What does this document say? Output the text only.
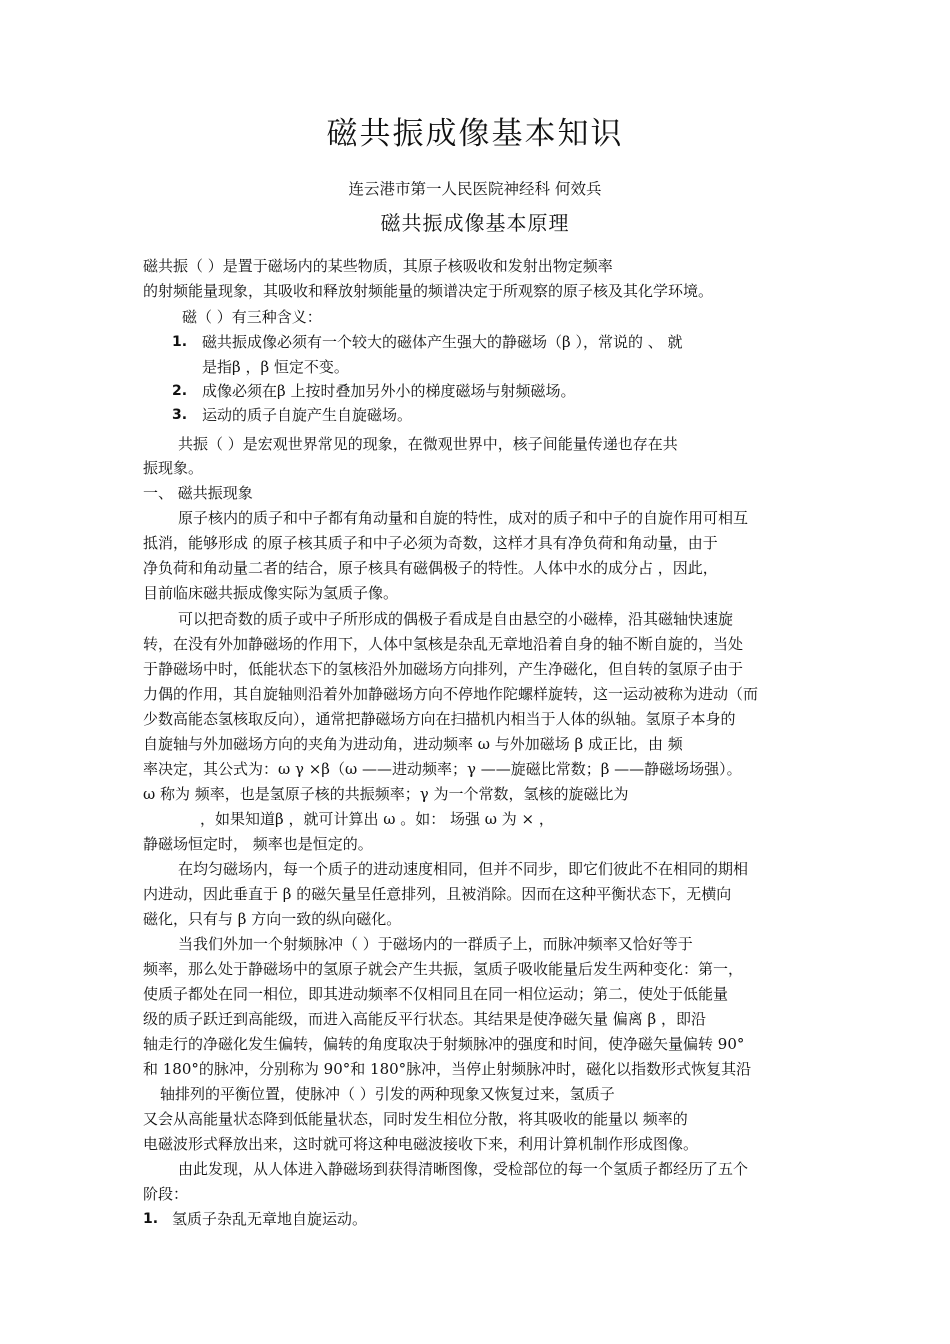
磁共振成像基本知识
连云港市第一人民医院神经科 何效兵
磁共振成像基本原理
磁共振（ ）是置于磁场内的某些物质，其原子核吸收和发射出物定频率
的射频能量现象，其吸收和释放射频能量的频谱决定于所观察的原子核及其化学环境。
磁（ ）有三种含义：
1. 磁共振成像必须有一个较大的磁体产生强大的静磁场（β ），常说的 、 就
是指β ，β 恒定不变。
2. 成像必须在β 上按时叠加另外小的梯度磁场与射频磁场。
3. 运动的质子自旋产生自旋磁场。
共振（ ）是宏观世界常见的现象，在微观世界中，核子间能量传递也存在共
振现象。
一、 磁共振现象
原子核内的质子和中子都有角动量和自旋的特性，成对的质子和中子的自旋作用可相互
抵消，能够形成 的原子核其质子和中子必须为奇数，这样才具有净负荷和角动量，由于
净负荷和角动量二者的结合，原子核具有磁偶极子的特性。人体中水的成分占 ，因此，
目前临床磁共振成像实际为氢质子像。
可以把奇数的质子或中子所形成的偶极子看成是自由悬空的小磁棒，沿其磁轴快速旋
转，在没有外加静磁场的作用下，人体中氢核是杂乱无章地沿着自身的轴不断自旋的，当处
于静磁场中时，低能状态下的氢核沿外加磁场方向排列，产生净磁化，但自转的氢原子由于
力偶的作用，其自旋轴则沿着外加静磁场方向不停地作陀螺样旋转，这一运动被称为进动（而
少数高能态氢核取反向），通常把静磁场方向在扫描机内相当于人体的纵轴。氢原子本身的
自旋轴与外加磁场方向的夹角为进动角，进动频率 ω 与外加磁场 β 成正比，由 频
率决定，其公式为：ω γ ×β（ω ——进动频率；γ ——旋磁比常数；β ——静磁场场强）。
ω 称为 频率，也是氢原子核的共振频率；γ 为一个常数，氢核的旋磁比为
，如果知道β ，就可计算出 ω 。如： 场强 ω 为 × ，
静磁场恒定时， 频率也是恒定的。
在均匀磁场内，每一个质子的进动速度相同，但并不同步，即它们彼此不在相同的期相
内进动，因此垂直于 β 的磁矢量呈任意排列，且被消除。因而在这种平衡状态下，无横向
磁化，只有与 β 方向一致的纵向磁化。
当我们外加一个射频脉冲（ ）于磁场内的一群质子上，而脉冲频率又恰好等于
频率，那么处于静磁场中的氢原子就会产生共振，氢质子吸收能量后发生两种变化：第一，
使质子都处在同一相位，即其进动频率不仅相同且在同一相位运动；第二，使处于低能量
级的质子跃迁到高能级，而进入高能反平行状态。其结果是使净磁矢量 偏离 β ，即沿
轴走行的净磁化发生偏转，偏转的角度取决于射频脉冲的强度和时间，使净磁矢量偏转 90°
和 180°的脉冲，分别称为 90°和 180°脉冲，当停止射频脉冲时，磁化以指数形式恢复其沿
轴排列的平衡位置，使脉冲（ ）引发的两种现象又恢复过来，氢质子
又会从高能量状态降到低能量状态，同时发生相位分散，将其吸收的能量以 频率的
电磁波形式释放出来，这时就可将这种电磁波接收下来，利用计算机制作形成图像。
由此发现，从人体进入静磁场到获得清晰图像，受检部位的每一个氢质子都经历了五个
阶段：
1. 氢质子杂乱无章地自旋运动。
